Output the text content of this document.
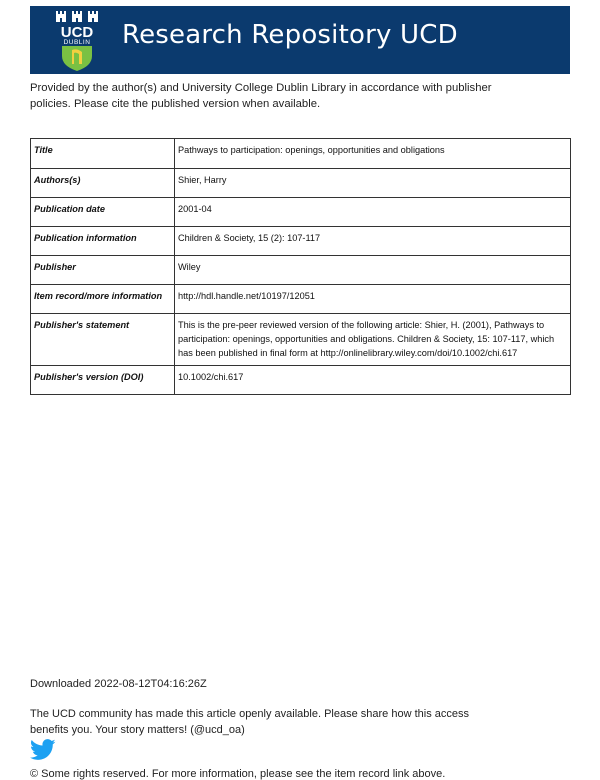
UCD
DUBLIN	Research Repository UCD
Provided by the author(s) and University College Dublin Library in accordance with publisher policies. Please cite the published version when available.
Title	Pathways to participation: openings, opportunities and obligations
Authors(s)	Shier, Harry
Publication date	2001-04
Publication information	Children & Society, 15 (2): 107-117
Publisher	Wiley
Item record/more information	http://hdl.handle.net/10197/12051
Publisher's statement	This is the pre-peer reviewed version of the following article: Shier, H. (2001), Pathways to participation: openings, opportunities and obligations. Children & Society, 15: 107-117, which has been published in final form at http://onlinelibrary.wiley.com/doi/10.1002/chi.617
Publisher's version (DOI)	10.1002/chi.617
Downloaded 2022-08-12T04:16:26Z
The UCD community has made this article openly available. Please share how this access benefits you. Your story matters! (@ucd_oa)
© Some rights reserved. For more information, please see the item record link above.
